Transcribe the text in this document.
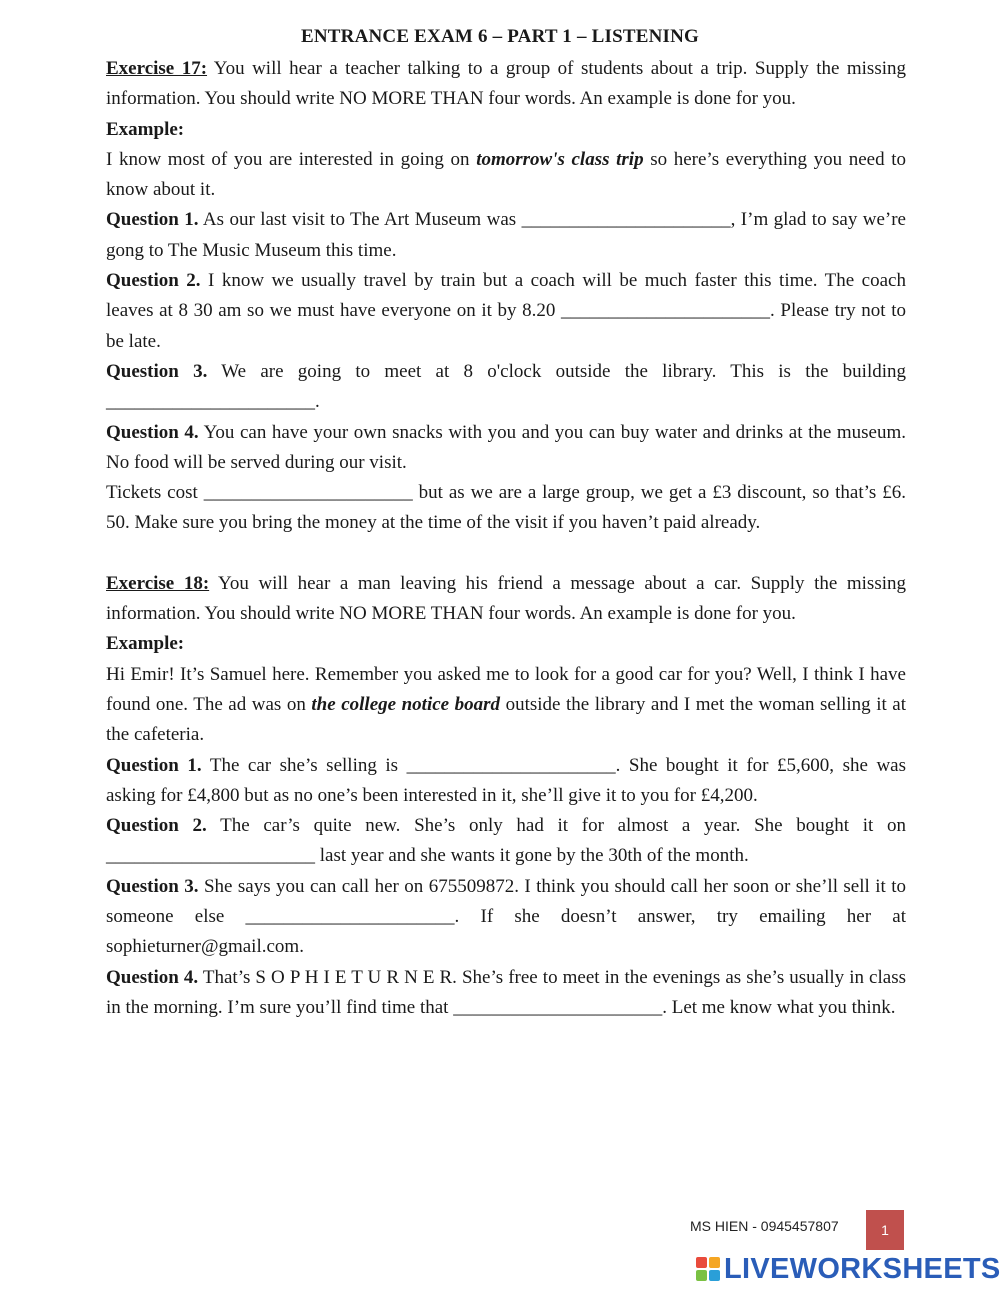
ENTRANCE EXAM 6 – PART 1 – LISTENING

Exercise 17: You will hear a teacher talking to a group of students about a trip. Supply the missing information. You should write NO MORE THAN four words. An example is done for you.

Example:

I know most of you are interested in going on tomorrow's class trip so here’s everything you need to know about it.

Question 1. As our last visit to The Art Museum was ______________________, I’m glad to say we’re gong to The Music Museum this time.

Question 2. I know we usually travel by train but a coach will be much faster this time. The coach leaves at 8 30 am so we must have everyone on it by 8.20 ______________________. Please try not to be late.

Question 3. We are going to meet at 8 o'clock outside the library. This is the building ______________________.

Question 4. You can have your own snacks with you and you can buy water and drinks at the museum. No food will be served during our visit.

Tickets cost ______________________ but as we are a large group, we get a £3 discount, so that’s £6. 50. Make sure you bring the money at the time of the visit if you haven’t paid already.

Exercise 18: You will hear a man leaving his friend a message about a car. Supply the missing information. You should write NO MORE THAN four words. An example is done for you.

Example:

Hi Emir! It’s Samuel here. Remember you asked me to look for a good car for you? Well, I think I have found one. The ad was on the college notice board outside the library and I met the woman selling it at the cafeteria.

Question 1. The car she’s selling is ______________________. She bought it for £5,600, she was asking for £4,800 but as no one’s been interested in it, she’ll give it to you for £4,200.

Question 2. The car’s quite new. She’s only had it for almost a year. She bought it on ______________________ last year and she wants it gone by the 30th of the month.

Question 3. She says you can call her on 675509872. I think you should call her soon or she’ll sell it to someone else ______________________. If she doesn’t answer, try emailing her at sophieturner@gmail.com.

Question 4. That’s S O P H I E T U R N E R. She’s free to meet in the evenings as she’s usually in class in the morning. I’m sure you’ll find time that ______________________. Let me know what you think.

MS HIEN - 0945457807	1
LIVEWORKSHEETS
